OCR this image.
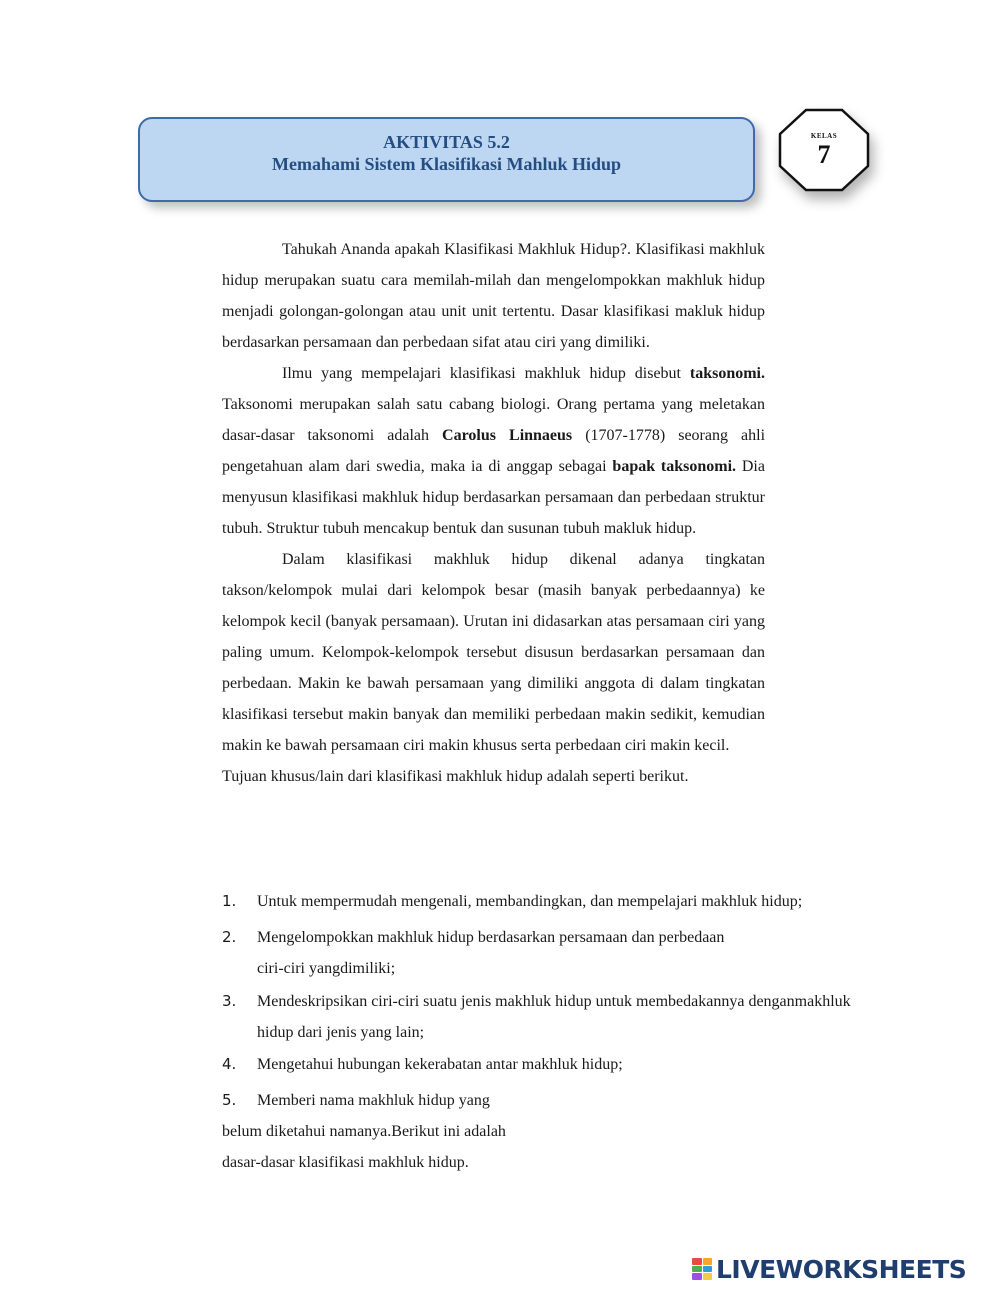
AKTIVITAS 5.2
Memahami Sistem Klasifikasi Mahluk Hidup
KELAS
7

Tahukah Ananda apakah Klasifikasi Makhluk Hidup?. Klasifikasi makhluk hidup merupakan suatu cara memilah-milah dan mengelompokkan makhluk hidup menjadi golongan-golongan atau unit unit tertentu. Dasar klasifikasi makluk hidup berdasarkan persamaan dan perbedaan sifat atau ciri yang dimiliki.

Ilmu yang mempelajari klasifikasi makhluk hidup disebut taksonomi. Taksonomi merupakan salah satu cabang biologi. Orang pertama yang meletakan dasar-dasar taksonomi adalah Carolus Linnaeus (1707-1778) seorang ahli pengetahuan alam dari swedia, maka ia di anggap sebagai bapak taksonomi. Dia menyusun klasifikasi makhluk hidup berdasarkan persamaan dan perbedaan struktur tubuh. Struktur tubuh mencakup bentuk dan susunan tubuh makluk hidup.

Dalam klasifikasi makhluk hidup dikenal adanya tingkatan takson/kelompok mulai dari kelompok besar (masih banyak perbedaannya) ke kelompok kecil (banyak persamaan). Urutan ini didasarkan atas persamaan ciri yang paling umum. Kelompok-kelompok tersebut disusun berdasarkan persamaan dan perbedaan. Makin ke bawah persamaan yang dimiliki anggota di dalam tingkatan klasifikasi tersebut makin banyak dan memiliki perbedaan makin sedikit, kemudian makin ke bawah persamaan ciri makin khusus serta perbedaan ciri makin kecil.

Tujuan khusus/lain dari klasifikasi makhluk hidup adalah seperti berikut.

1. Untuk mempermudah mengenali, membandingkan, dan mempelajari makhluk hidup;
2. Mengelompokkan makhluk hidup berdasarkan persamaan dan perbedaan ciri-ciri yangdimiliki;
3. Mendeskripsikan ciri-ciri suatu jenis makhluk hidup untuk membedakannya denganmakhluk hidup dari jenis yang lain;
4. Mengetahui hubungan kekerabatan antar makhluk hidup;
5. Memberi nama makhluk hidup yang

belum diketahui namanya.Berikut ini adalah

dasar-dasar klasifikasi makhluk hidup.

LIVEWORKSHEETS
